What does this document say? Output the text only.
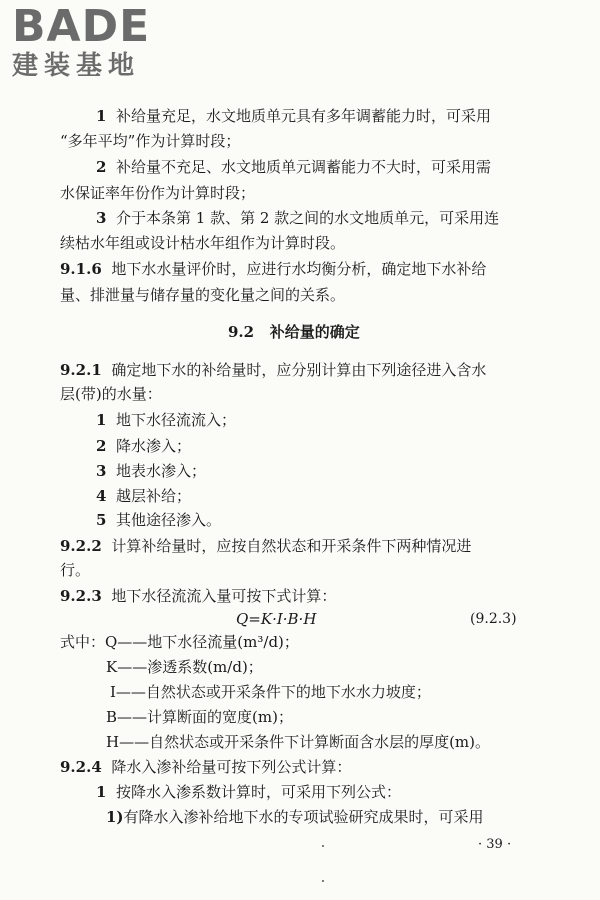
BADE
建装基地
1 补给量充足，水文地质单元具有多年调蓄能力时，可采用
“多年平均”作为计算时段；
2 补给量不充足、水文地质单元调蓄能力不大时，可采用需
水保证率年份作为计算时段；
3 介于本条第 1 款、第 2 款之间的水文地质单元，可采用连
续枯水年组或设计枯水年组作为计算时段。
9.1.6 地下水水量评价时，应进行水均衡分析，确定地下水补给
量、排泄量与储存量的变化量之间的关系。
9.2 补给量的确定
9.2.1 确定地下水的补给量时，应分别计算由下列途径进入含水
层(带)的水量：
1 地下水径流流入；
2 降水渗入；
3 地表水渗入；
4 越层补给；
5 其他途径渗入。
9.2.2 计算补给量时，应按自然状态和开采条件下两种情况进
行。
9.2.3 地下水径流流入量可按下式计算：
Q=K·I·B·H	(9.2.3)
式中：Q——地下水径流量(m³/d)；
K——渗透系数(m/d)；
I——自然状态或开采条件下的地下水水力坡度；
B——计算断面的宽度(m)；
H——自然状态或开采条件下计算断面含水层的厚度(m)。
9.2.4 降水入渗补给量可按下列公式计算：
1 按降水入渗系数计算时，可采用下列公式：
1)有降水入渗补给地下水的专项试验研究成果时，可采用
· 39 ·
